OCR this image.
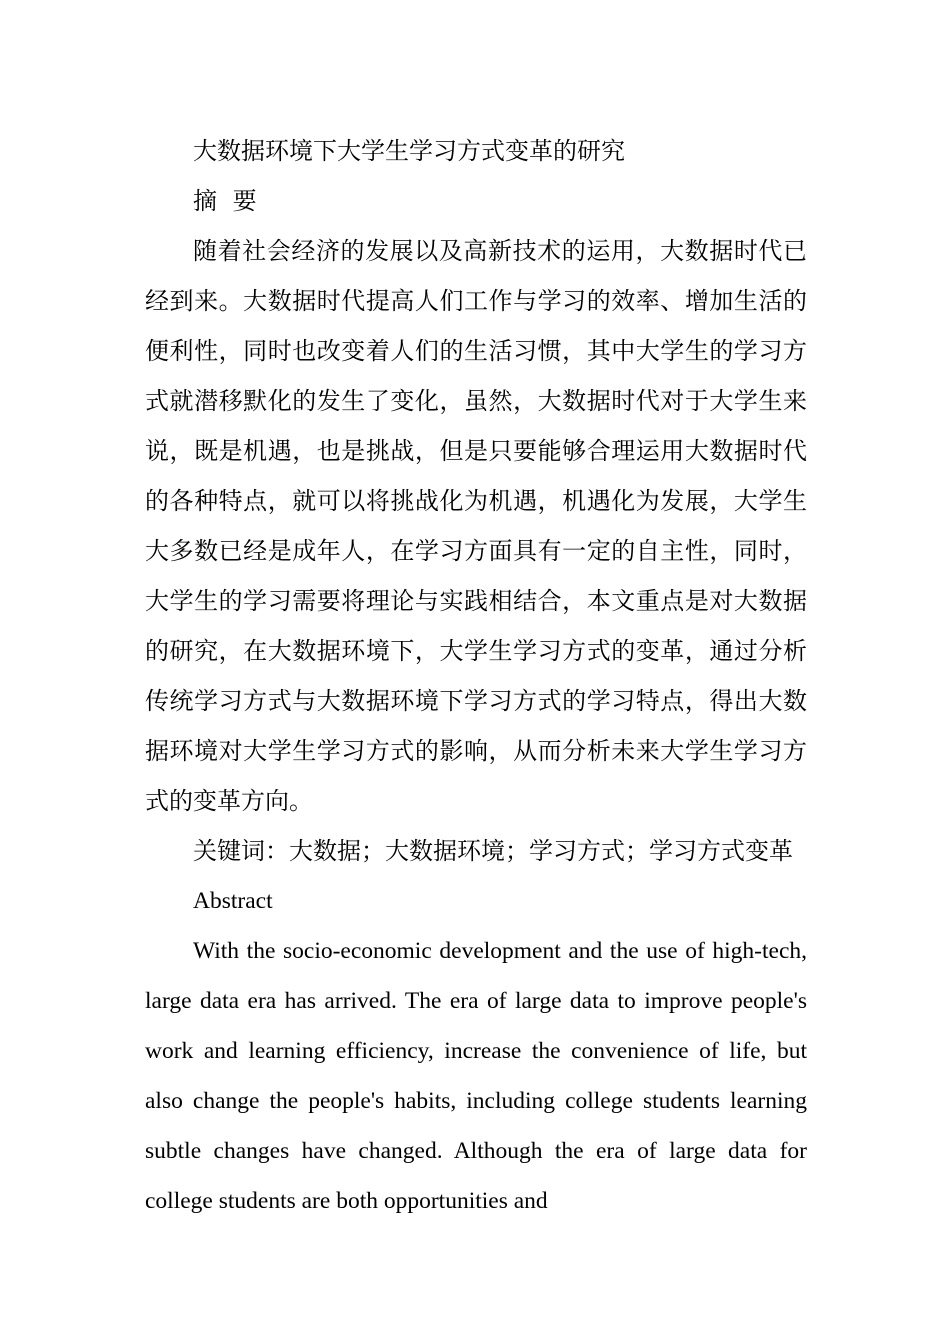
大数据环境下大学生学习方式变革的研究
摘 要

随着社会经济的发展以及高新技术的运用，大数据时代已经到来。大数据时代提高人们工作与学习的效率、增加生活的便利性，同时也改变着人们的生活习惯，其中大学生的学习方式就潜移默化的发生了变化，虽然，大数据时代对于大学生来说，既是机遇，也是挑战，但是只要能够合理运用大数据时代的各种特点，就可以将挑战化为机遇，机遇化为发展，大学生大多数已经是成年人，在学习方面具有一定的自主性，同时，大学生的学习需要将理论与实践相结合，本文重点是对大数据的研究，在大数据环境下，大学生学习方式的变革，通过分析传统学习方式与大数据环境下学习方式的学习特点，得出大数据环境对大学生学习方式的影响，从而分析未来大学生学习方式的变革方向。

关键词：大数据；大数据环境；学习方式；学习方式变革
Abstract

With the socio-economic development and the use of high-tech, large data era has arrived. The era of large data to improve people's work and learning efficiency, increase the convenience of life, but also change the people's habits, including college students learning subtle changes have changed. Although the era of large data for college students are both opportunities and
